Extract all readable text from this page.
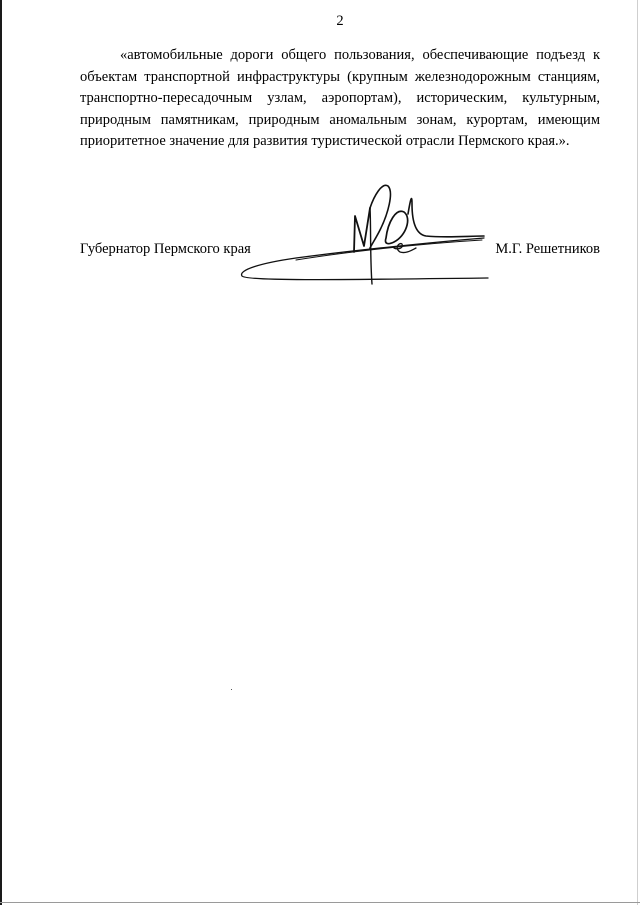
2

«автомобильные дороги общего пользования, обеспечивающие подъезд к объектам транспортной инфраструктуры (крупным железнодорожным станциям, транспортно-пересадочным узлам, аэропортам), историческим, культурным, природным памятникам, природным аномальным зонам, курортам, имеющим приоритетное значение для развития туристической отрасли Пермского края.».

Губернатор Пермского края	М.Г. Решетников
